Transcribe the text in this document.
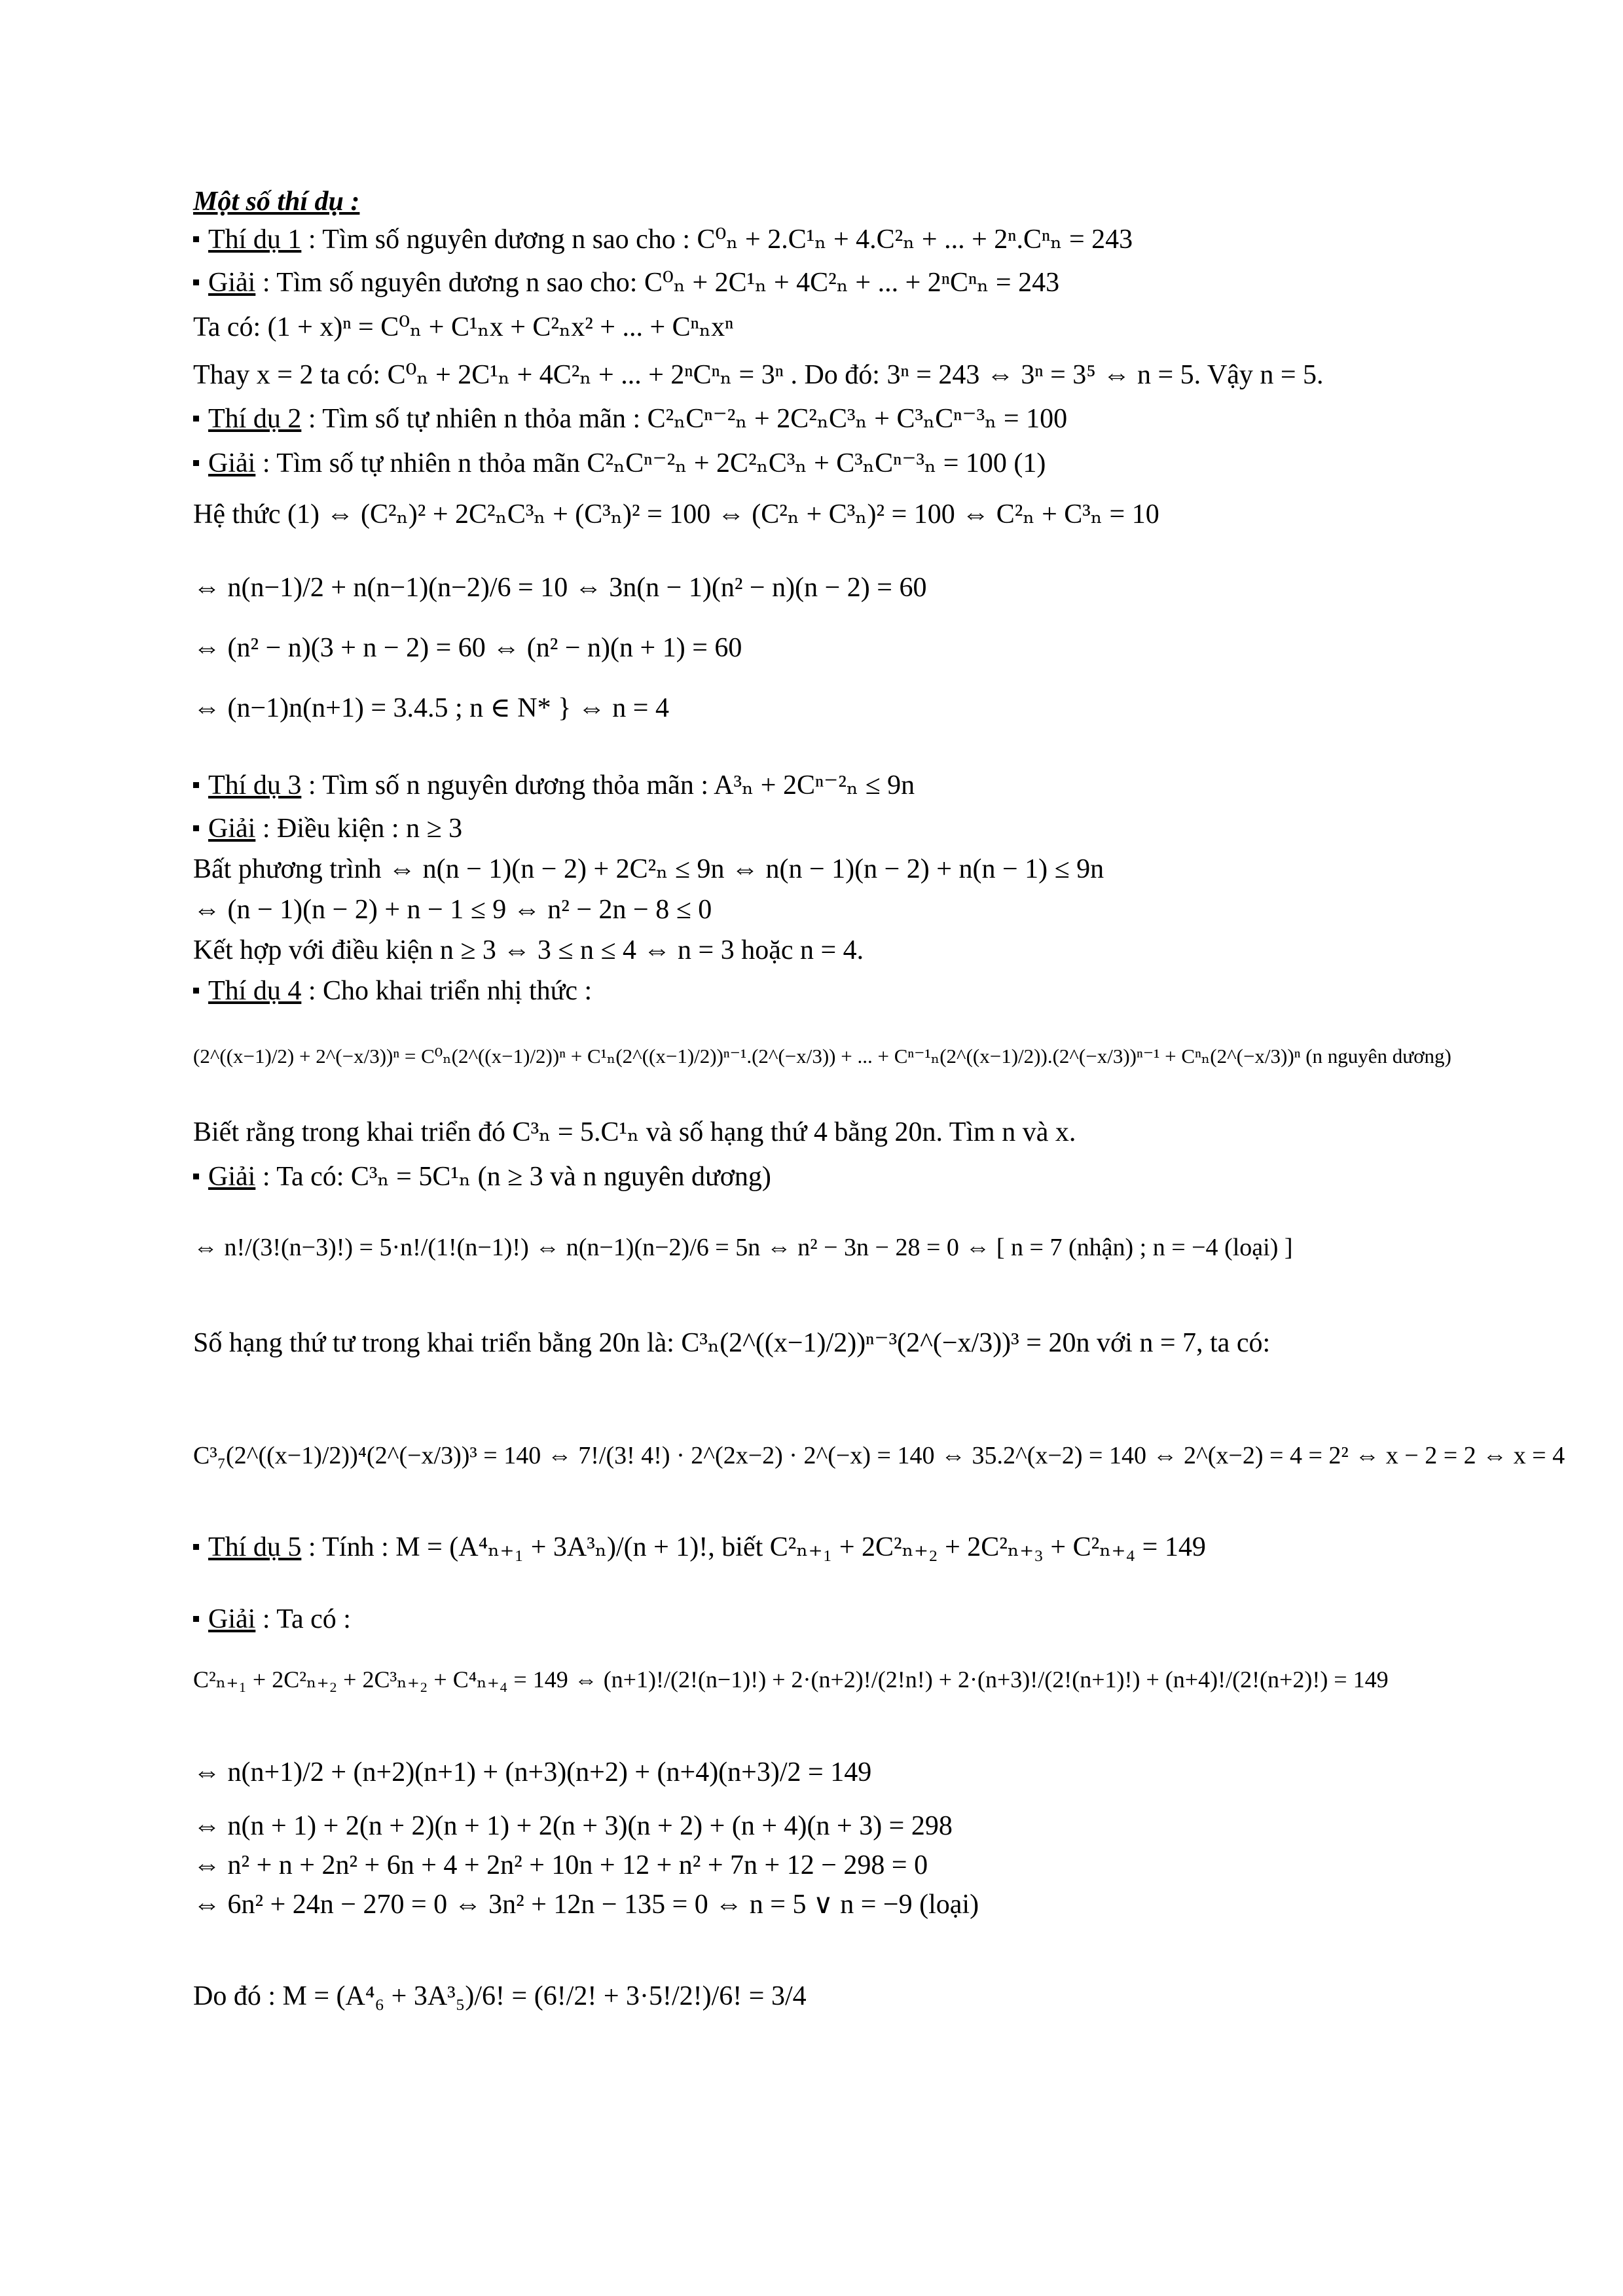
Một số thí dụ :
Thí dụ 1 : Tìm số nguyên dương n sao cho : C⁰ₙ + 2.C¹ₙ + 4.C²ₙ + ... + 2ⁿ.Cⁿₙ = 243
Giải : Tìm số nguyên dương n sao cho: C⁰ₙ + 2C¹ₙ + 4C²ₙ + ... + 2ⁿCⁿₙ = 243
Ta có: (1 + x)ⁿ = C⁰ₙ + C¹ₙx + C²ₙx² + ... + Cⁿₙxⁿ
Thay x = 2 ta có: C⁰ₙ + 2C¹ₙ + 4C²ₙ + ... + 2ⁿCⁿₙ = 3ⁿ . Do đó: 3ⁿ = 243 ⇔ 3ⁿ = 3⁵ ⇔ n = 5. Vậy n = 5.
Thí dụ 2 : Tìm số tự nhiên n thỏa mãn : C²ₙCⁿ⁻²ₙ + 2C²ₙC³ₙ + C³ₙCⁿ⁻³ₙ = 100
Giải : Tìm số tự nhiên n thỏa mãn C²ₙCⁿ⁻²ₙ + 2C²ₙC³ₙ + C³ₙCⁿ⁻³ₙ = 100 (1)
Hệ thức (1) ⇔ (C²ₙ)² + 2C²ₙC³ₙ + (C³ₙ)² = 100 ⇔ (C²ₙ + C³ₙ)² = 100 ⇔ C²ₙ + C³ₙ = 10
⇔ n(n−1)/2 + n(n−1)(n−2)/6 = 10 ⇔ 3n(n − 1)(n² − n)(n − 2) = 60
⇔ (n² − n)(3 + n − 2) = 60 ⇔ (n² − n)(n + 1) = 60
⇔ (n−1)n(n+1) = 3.4.5 ; n ∈ N* } ⇔ n = 4
Thí dụ 3 : Tìm số n nguyên dương thỏa mãn : A³ₙ + 2Cⁿ⁻²ₙ ≤ 9n
Giải : Điều kiện : n ≥ 3
Bất phương trình ⇔ n(n − 1)(n − 2) + 2C²ₙ ≤ 9n ⇔ n(n − 1)(n − 2) + n(n − 1) ≤ 9n
⇔ (n − 1)(n − 2) + n − 1 ≤ 9 ⇔ n² − 2n − 8 ≤ 0
Kết hợp với điều kiện n ≥ 3 ⇔ 3 ≤ n ≤ 4 ⇔ n = 3 hoặc n = 4.
Thí dụ 4 : Cho khai triển nhị thức :
(2^((x−1)/2) + 2^(−x/3))ⁿ = C⁰ₙ(2^((x−1)/2))ⁿ + C¹ₙ(2^((x−1)/2))ⁿ⁻¹.(2^(−x/3)) + ... + Cⁿ⁻¹ₙ(2^((x−1)/2)).(2^(−x/3))ⁿ⁻¹ + Cⁿₙ(2^(−x/3))ⁿ (n nguyên dương)
Biết rằng trong khai triển đó C³ₙ = 5.C¹ₙ và số hạng thứ 4 bằng 20n. Tìm n và x.
Giải : Ta có: C³ₙ = 5C¹ₙ (n ≥ 3 và n nguyên dương)
⇔ n!/(3!(n−3)!) = 5·n!/(1!(n−1)!) ⇔ n(n−1)(n−2)/6 = 5n ⇔ n² − 3n − 28 = 0 ⇔ [ n = 7 (nhận) ; n = −4 (loại) ]
Số hạng thứ tư trong khai triển bằng 20n là: C³ₙ(2^((x−1)/2))ⁿ⁻³(2^(−x/3))³ = 20n với n = 7, ta có:
C³₇(2^((x−1)/2))⁴(2^(−x/3))³ = 140 ⇔ 7!/(3! 4!) · 2^(2x−2) · 2^(−x) = 140 ⇔ 35.2^(x−2) = 140 ⇔ 2^(x−2) = 4 = 2² ⇔ x − 2 = 2 ⇔ x = 4
Thí dụ 5 : Tính : M = (A⁴ₙ₊₁ + 3A³ₙ)/(n + 1)!, biết C²ₙ₊₁ + 2C²ₙ₊₂ + 2C²ₙ₊₃ + C²ₙ₊₄ = 149
Giải : Ta có :
C²ₙ₊₁ + 2C²ₙ₊₂ + 2C³ₙ₊₂ + C⁴ₙ₊₄ = 149 ⇔ (n+1)!/(2!(n−1)!) + 2·(n+2)!/(2!n!) + 2·(n+3)!/(2!(n+1)!) + (n+4)!/(2!(n+2)!) = 149
⇔ n(n+1)/2 + (n+2)(n+1) + (n+3)(n+2) + (n+4)(n+3)/2 = 149
⇔ n(n + 1) + 2(n + 2)(n + 1) + 2(n + 3)(n + 2) + (n + 4)(n + 3) = 298
⇔ n² + n + 2n² + 6n + 4 + 2n² + 10n + 12 + n² + 7n + 12 − 298 = 0
⇔ 6n² + 24n − 270 = 0 ⇔ 3n² + 12n − 135 = 0 ⇔ n = 5 ∨ n = −9 (loại)
Do đó : M = (A⁴₆ + 3A³₅)/6! = (6!/2! + 3·5!/2!)/6! = 3/4
